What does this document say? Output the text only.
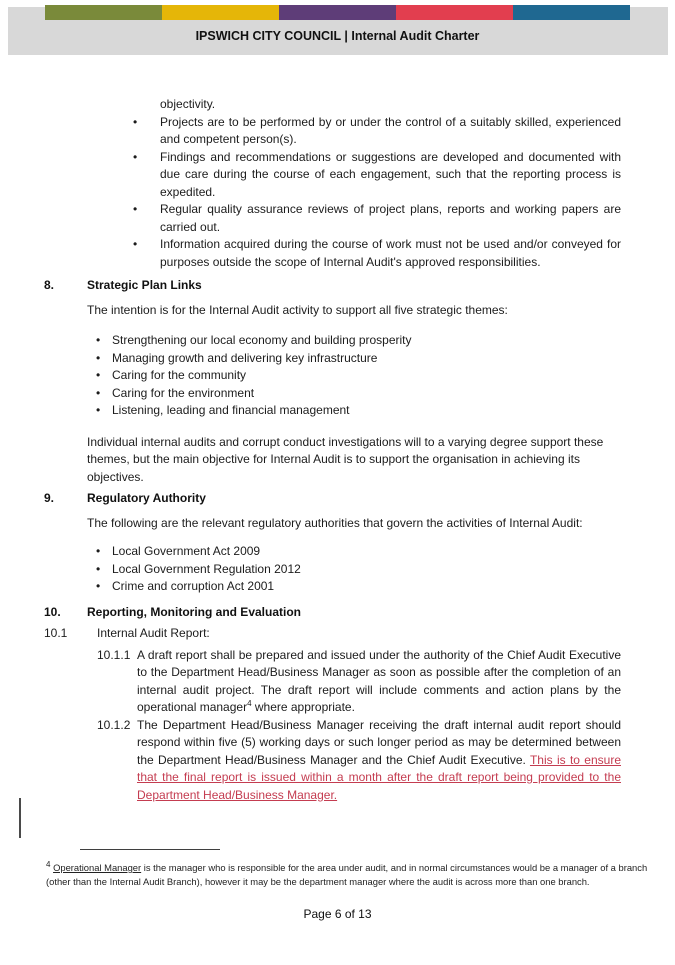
IPSWICH CITY COUNCIL | Internal Audit Charter
objectivity.
•	Projects are to be performed by or under the control of a suitably skilled, experienced and competent person(s).
•	Findings and recommendations or suggestions are developed and documented with due care during the course of each engagement, such that the reporting process is expedited.
•	Regular quality assurance reviews of project plans, reports and working papers are carried out.
•	Information acquired during the course of work must not be used and/or conveyed for purposes outside the scope of Internal Audit's approved responsibilities.
8.	Strategic Plan Links
The intention is for the Internal Audit activity to support all five strategic themes:
• Strengthening our local economy and building prosperity
• Managing growth and delivering key infrastructure
• Caring for the community
• Caring for the environment
• Listening, leading and financial management
Individual internal audits and corrupt conduct investigations will to a varying degree support these themes, but the main objective for Internal Audit is to support the organisation in achieving its objectives.
9.	Regulatory Authority
The following are the relevant regulatory authorities that govern the activities of Internal Audit:
• Local Government Act 2009
• Local Government Regulation 2012
• Crime and corruption Act 2001
10.	Reporting, Monitoring and Evaluation
10.1	Internal Audit Report:
10.1.1 A draft report shall be prepared and issued under the authority of the Chief Audit Executive to the Department Head/Business Manager as soon as possible after the completion of an internal audit project. The draft report will include comments and action plans by the operational manager$^4$ where appropriate.
10.1.2 The Department Head/Business Manager receiving the draft internal audit report should respond within five (5) working days or such longer period as may be determined between the Department Head/Business Manager and the Chief Audit Executive. This is to ensure that the final report is issued within a month after the draft report being provided to the Department Head/Business Manager.
$^4$ Operational Manager is the manager who is responsible for the area under audit, and in normal circumstances would be a manager of a branch (other than the Internal Audit Branch), however it may be the department manager where the audit is across more than one branch.
Page 6 of 13
